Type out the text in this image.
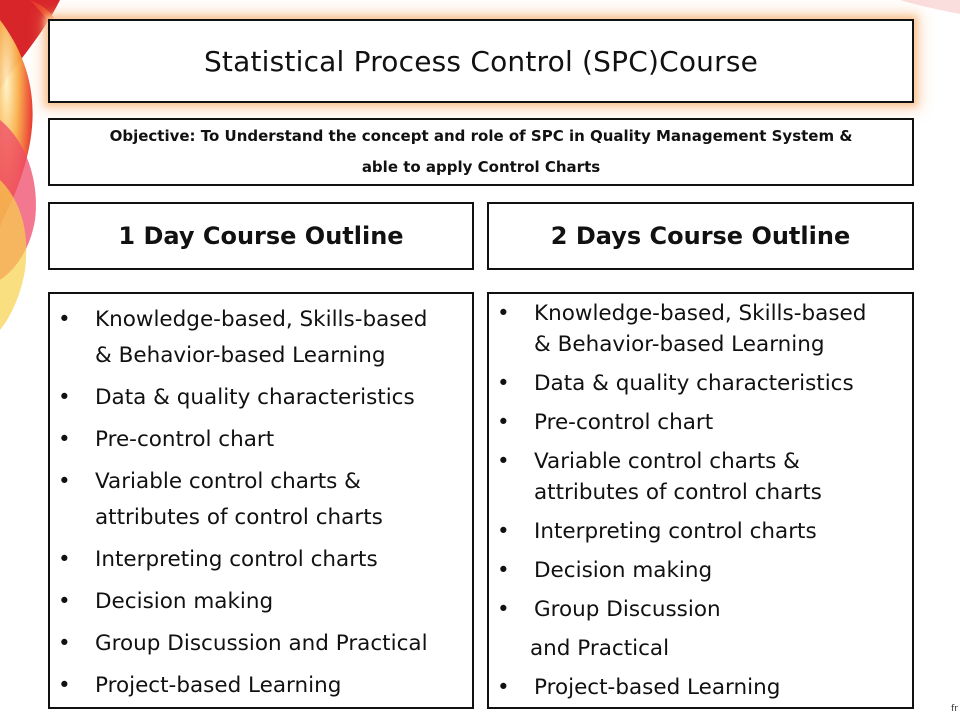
Statistical Process Control (SPC)Course
Objective: To Understand the concept and role of SPC in Quality Management System &
able to apply Control Charts
1 Day Course Outline	2 Days Course Outline
• Knowledge-based, Skills-based
& Behavior-based Learning
• Data & quality characteristics
• Pre-control chart
• Variable control charts &
attributes of control charts
• Interpreting control charts
• Decision making
• Group Discussion and Practical
• Project-based Learning
• Knowledge-based, Skills-based
& Behavior-based Learning
• Data & quality characteristics
• Pre-control chart
• Variable control charts &
attributes of control charts
• Interpreting control charts
• Decision making
• Group Discussion
and Practical
• Project-based Learning
fr
